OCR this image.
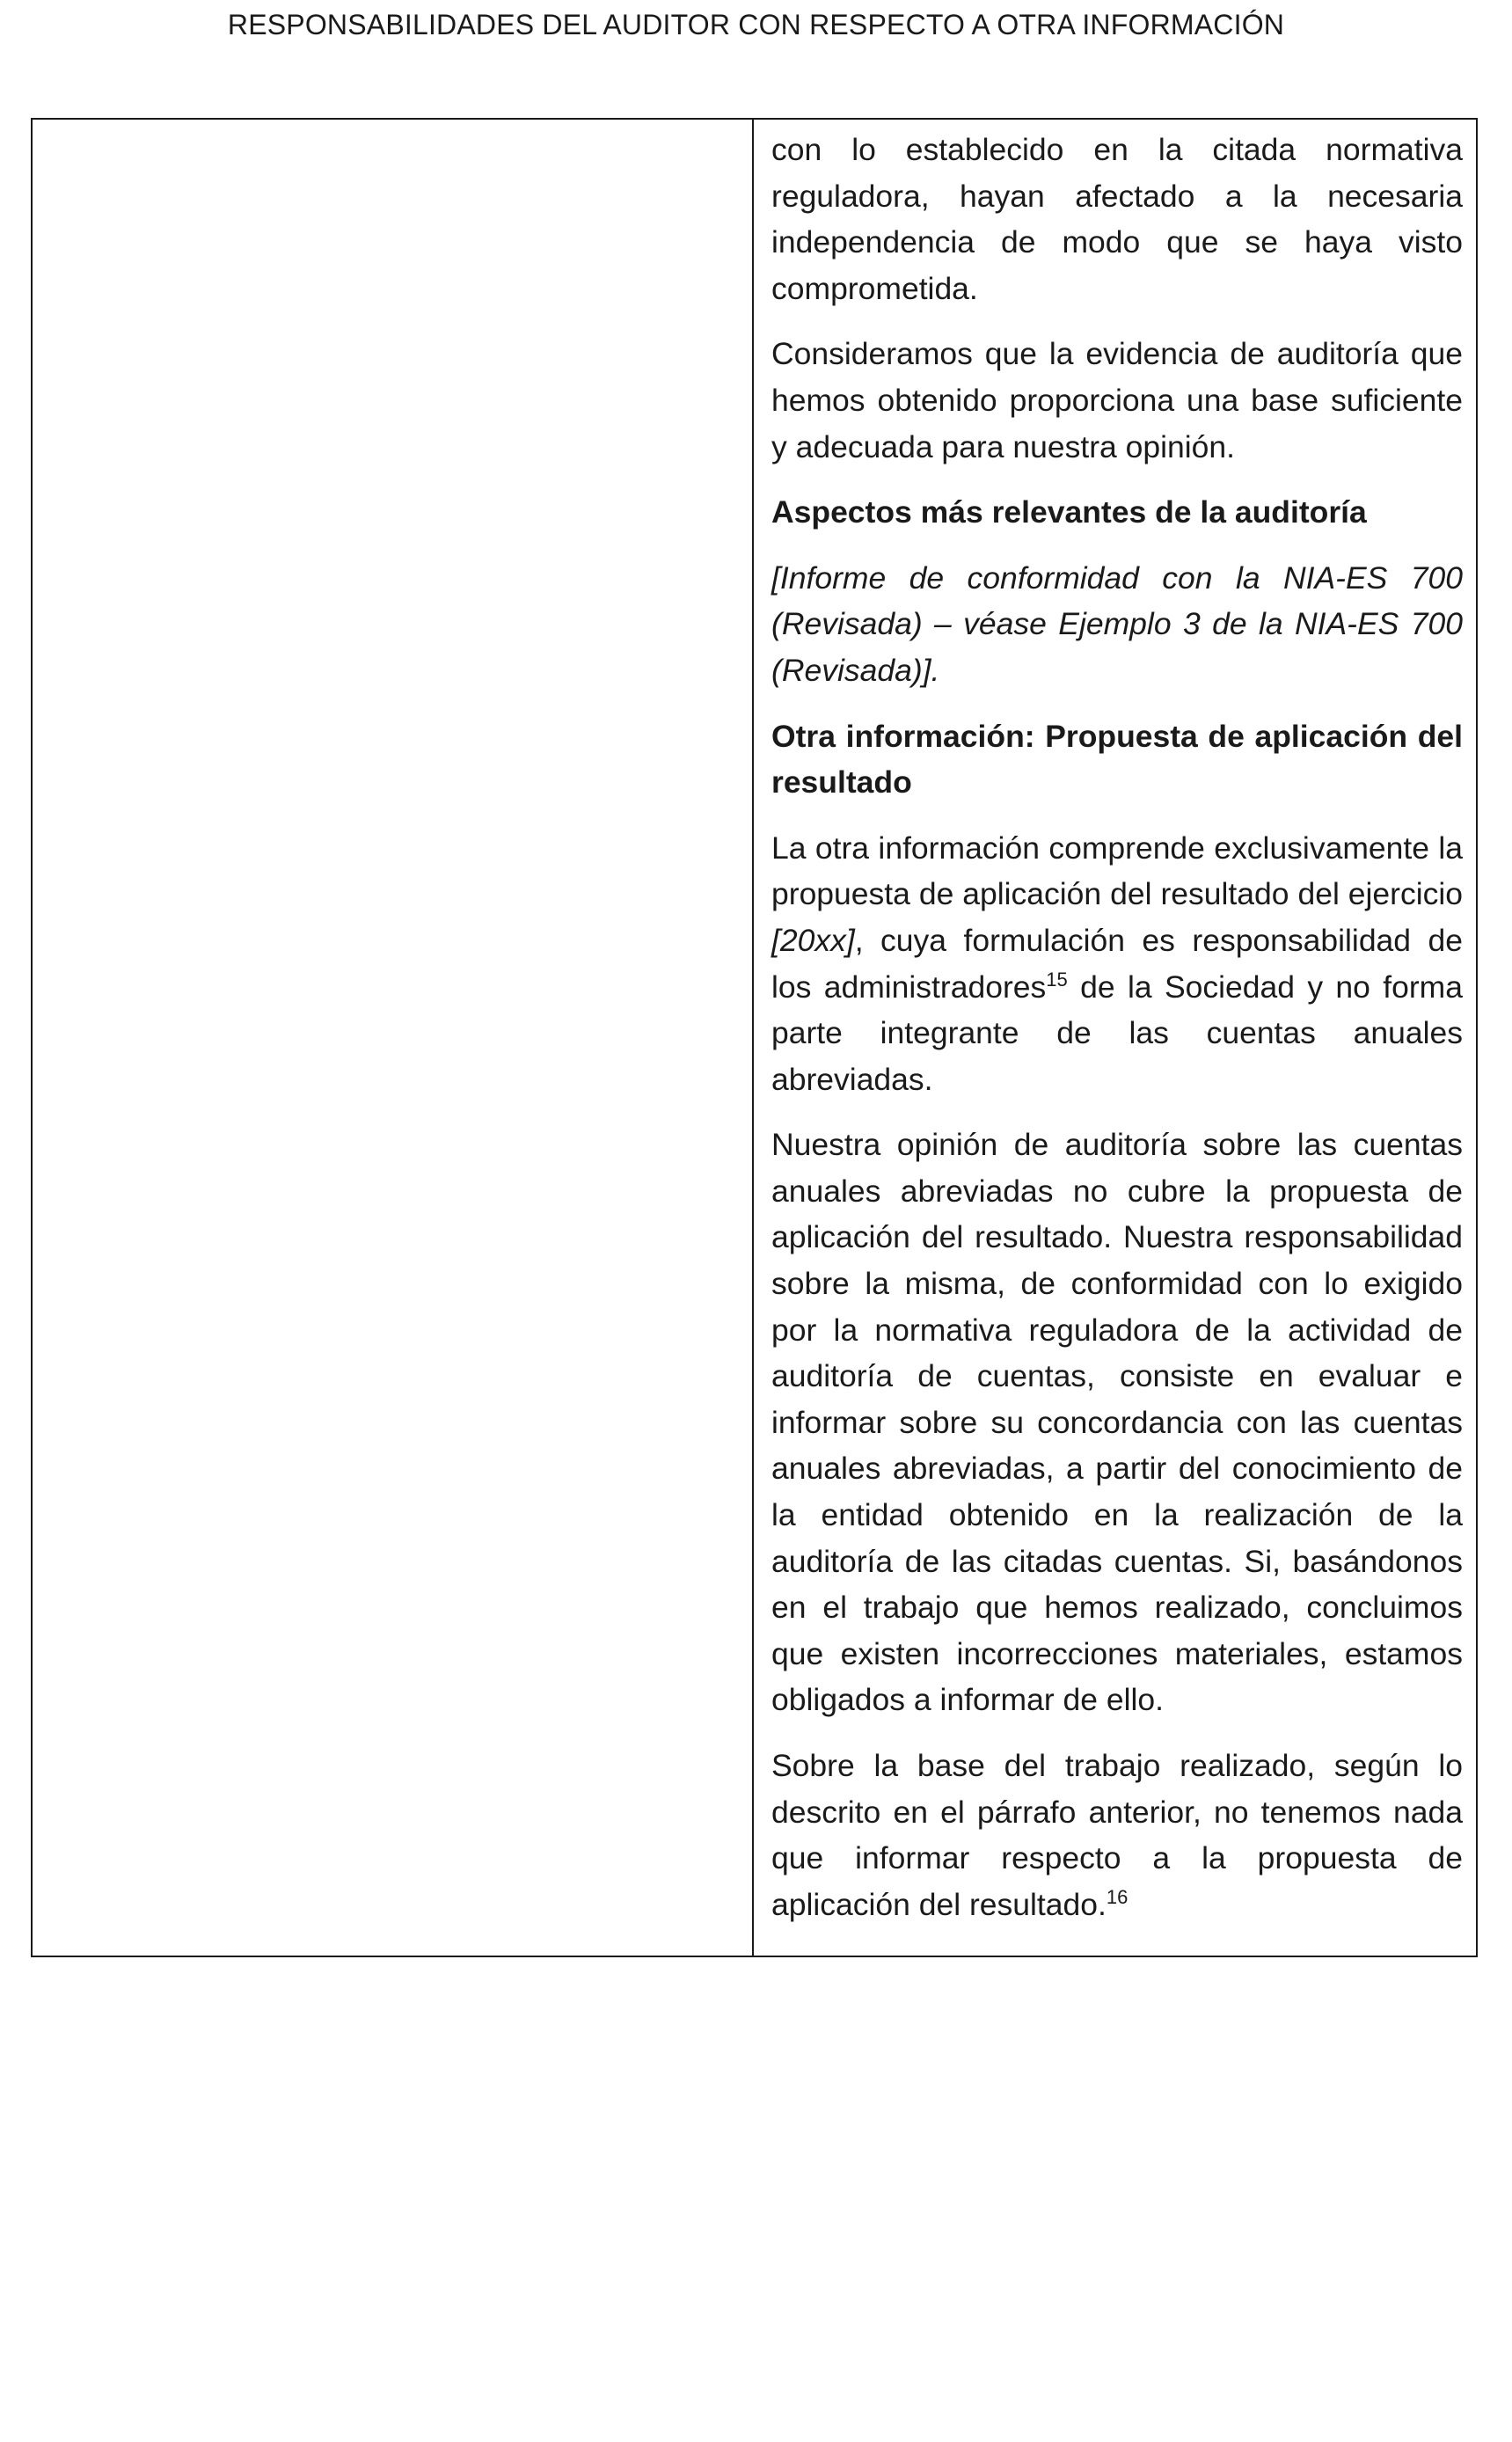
RESPONSABILIDADES DEL AUDITOR CON RESPECTO A OTRA INFORMACIÓN

con lo establecido en la citada normativa reguladora, hayan afectado a la necesaria independencia de modo que se haya visto comprometida.

Consideramos que la evidencia de auditoría que hemos obtenido proporciona una base suficiente y adecuada para nuestra opinión.

Aspectos más relevantes de la auditoría

[Informe de conformidad con la NIA-ES 700 (Revisada) – véase Ejemplo 3 de la NIA-ES 700 (Revisada)].

Otra información: Propuesta de aplicación del resultado

La otra información comprende exclusivamente la propuesta de aplicación del resultado del ejercicio [20xx], cuya formulación es responsabilidad de los administradores$^{15}$ de la Sociedad y no forma parte integrante de las cuentas anuales abreviadas.

Nuestra opinión de auditoría sobre las cuentas anuales abreviadas no cubre la propuesta de aplicación del resultado. Nuestra responsabilidad sobre la misma, de conformidad con lo exigido por la normativa reguladora de la actividad de auditoría de cuentas, consiste en evaluar e informar sobre su concordancia con las cuentas anuales abreviadas, a partir del conocimiento de la entidad obtenido en la realización de la auditoría de las citadas cuentas. Si, basándonos en el trabajo que hemos realizado, concluimos que existen incorrecciones materiales, estamos obligados a informar de ello.

Sobre la base del trabajo realizado, según lo descrito en el párrafo anterior, no tenemos nada que informar respecto a la propuesta de aplicación del resultado.$^{16}$
